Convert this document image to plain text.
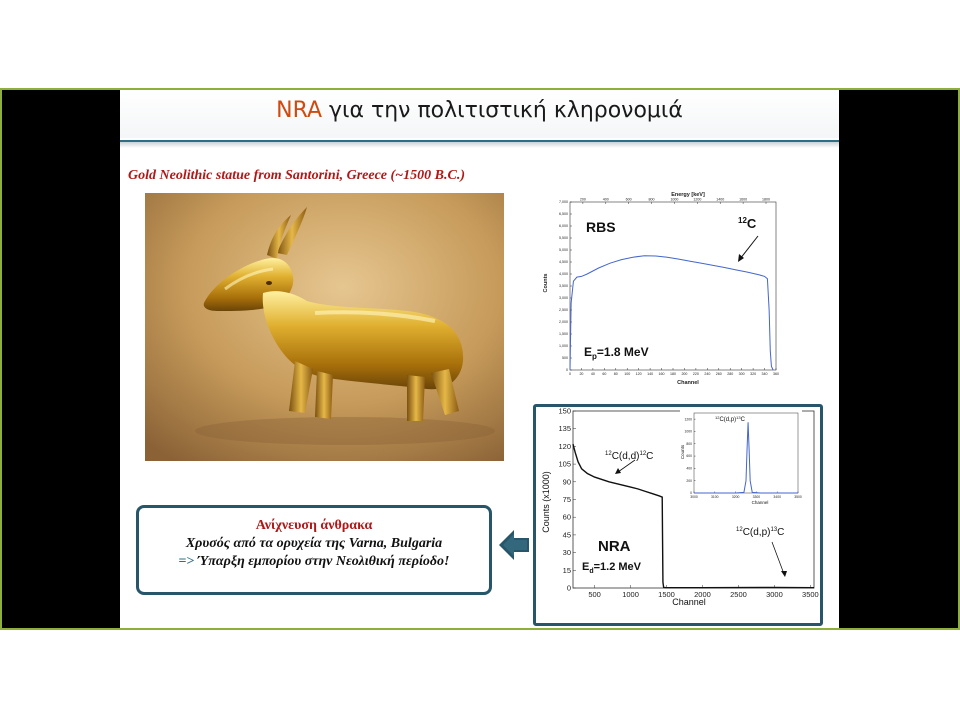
NRA για την πολιτιστική κληρονομιά
Gold Neolithic statue from Santorini, Greece (~1500 B.C.)
Energy [keV]
0
500
1,000
1,500
2,000
2,500
3,000
3,500
4,000
4,500
5,000
5,500
6,000
6,500
7,000
0 20 40 60 80 100 120 140 160 180 200 220 240 260 280 300 320 340 360
200	400	600	800	1000	1200	1400	1600	1800
RBS	$^{12}$C
$E_p=1.8$ MeV
Channel
Counts
0
15
30
45
60
75
90
105
120
135
150
500	1000	1500	2000	2500	3000	3500
$^{12}C(d,d)^{12}C$
$^{12}C(d,p)^{13}C$
NRA
$E_d=1.2$ MeV
Channel
Counts (x1000)	0
200
400
600
800
1000
1200
3000	3100	3200	3300	3400	3500
$^{12}C(d,p)^{13}C$
Channel
Counts
Ανίχνευση άνθρακα
Χρυσός από τα ορυχεία της Varna, Bulgaria
=> Ύπαρξη εμπορίου στην Νεολιθική περίοδο!
